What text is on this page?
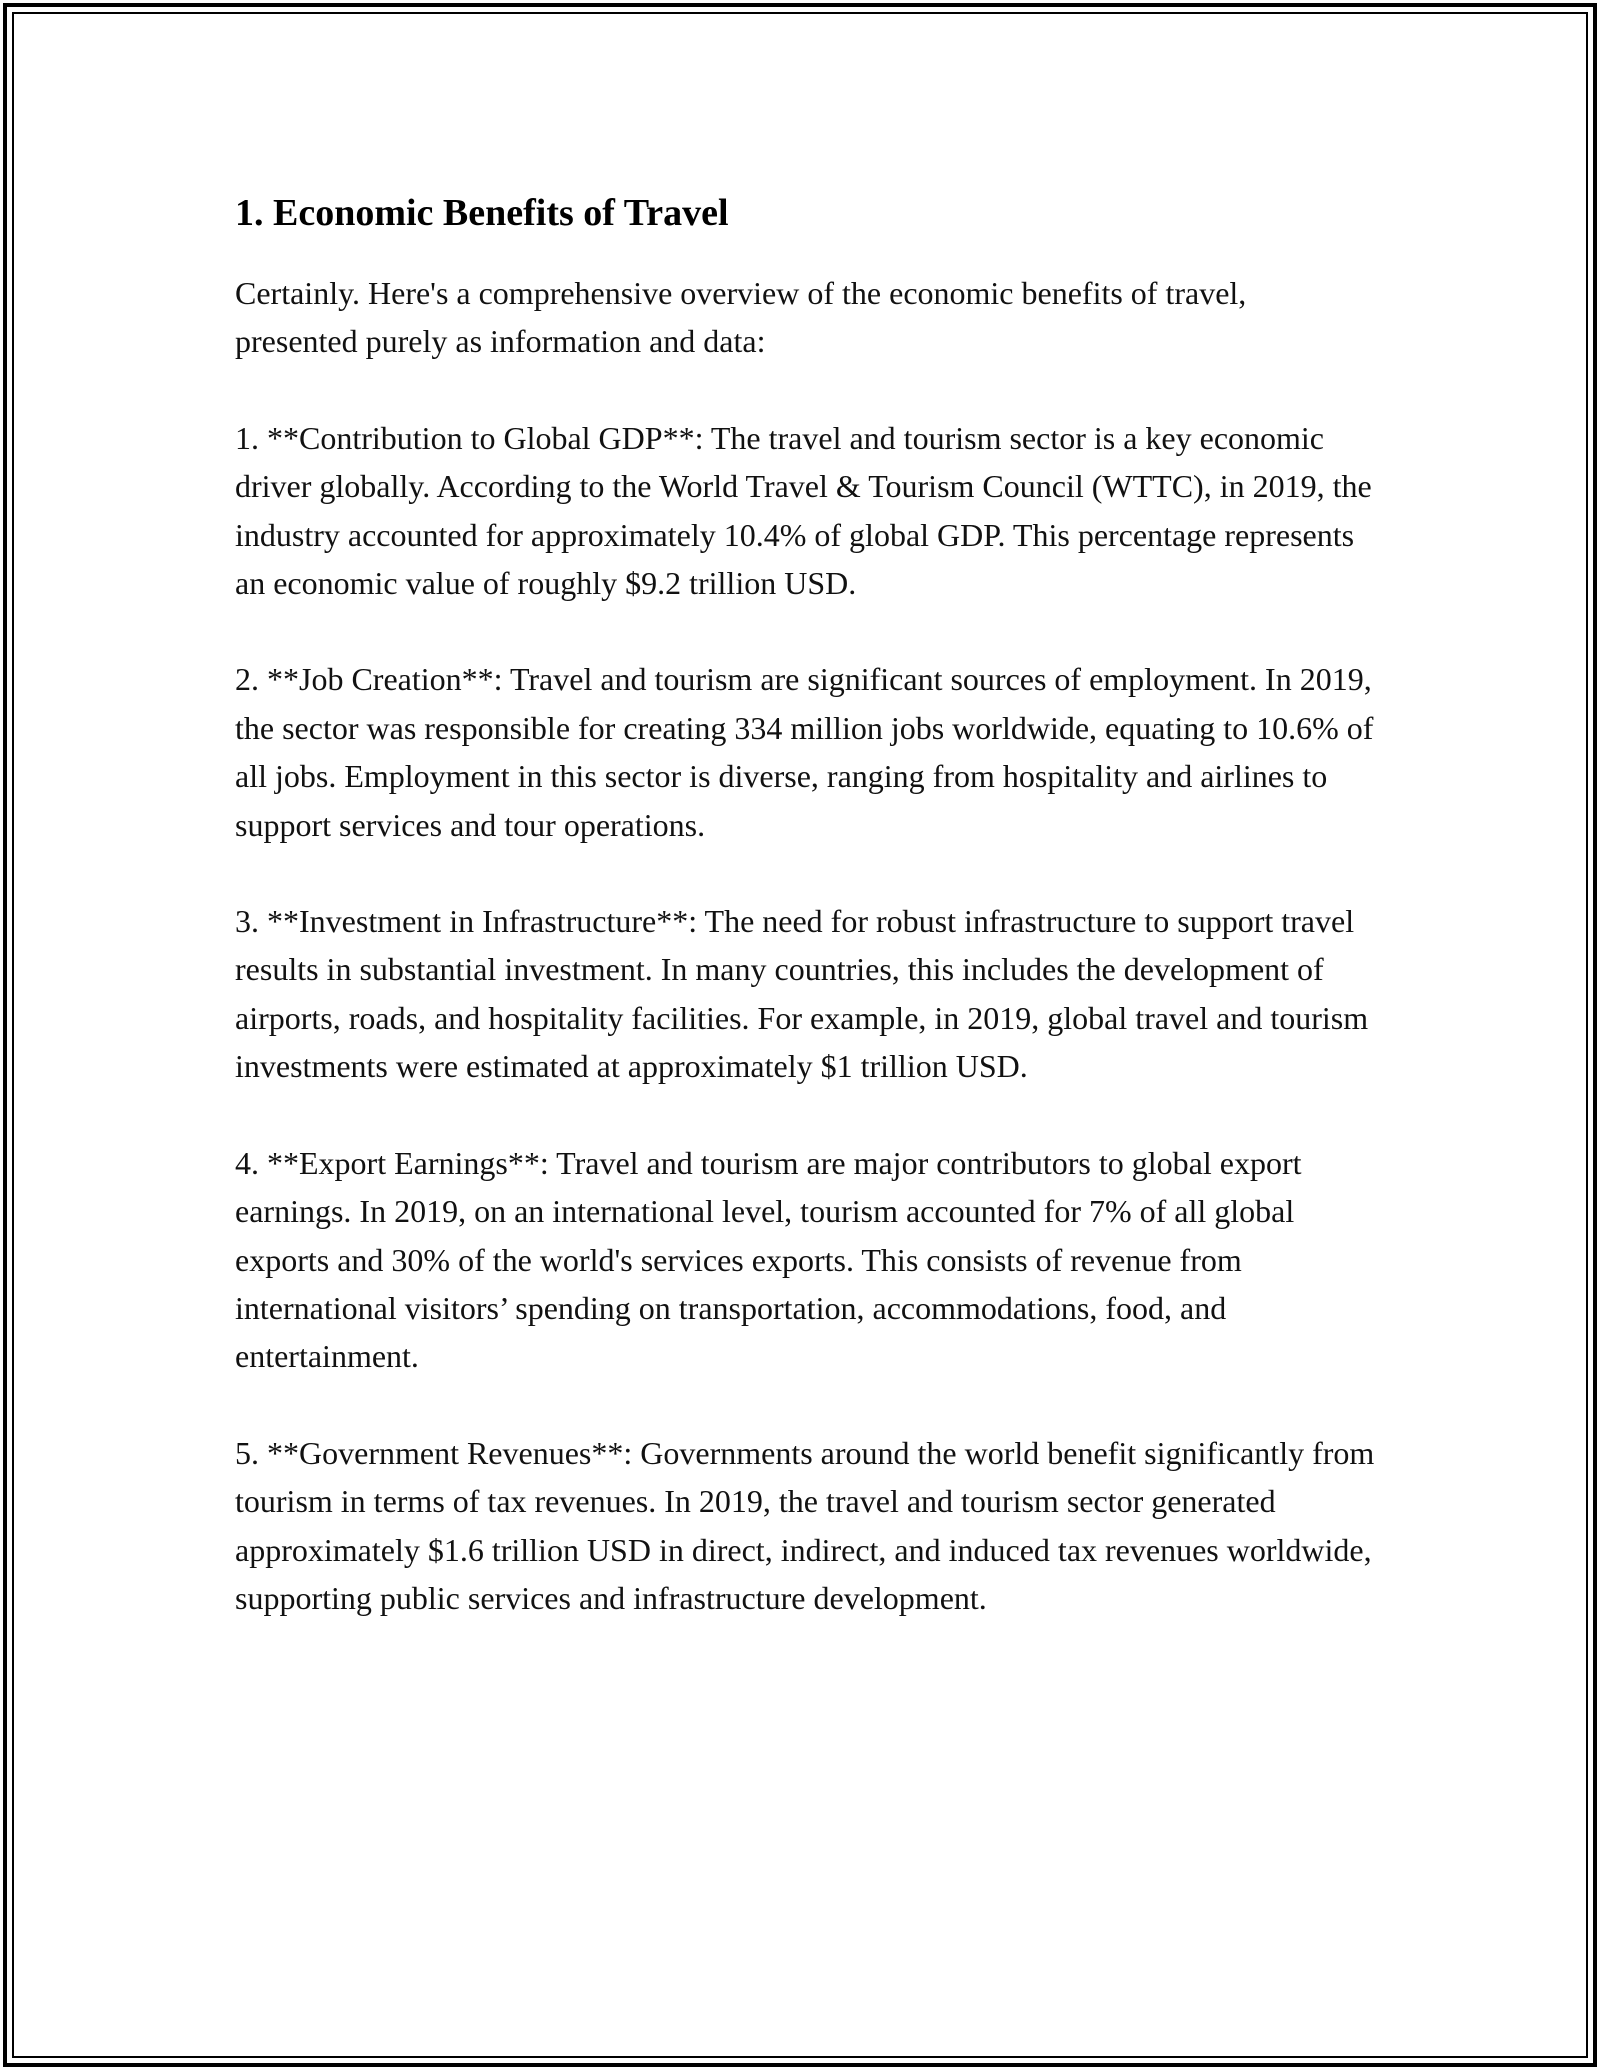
1. Economic Benefits of Travel

Certainly. Here's a comprehensive overview of the economic benefits of travel, presented purely as information and data:

1. **Contribution to Global GDP**: The travel and tourism sector is a key economic driver globally. According to the World Travel & Tourism Council (WTTC), in 2019, the industry accounted for approximately 10.4% of global GDP. This percentage represents an economic value of roughly $9.2 trillion USD.

2. **Job Creation**: Travel and tourism are significant sources of employment. In 2019, the sector was responsible for creating 334 million jobs worldwide, equating to 10.6% of all jobs. Employment in this sector is diverse, ranging from hospitality and airlines to support services and tour operations.

3. **Investment in Infrastructure**: The need for robust infrastructure to support travel results in substantial investment. In many countries, this includes the development of airports, roads, and hospitality facilities. For example, in 2019, global travel and tourism investments were estimated at approximately $1 trillion USD.

4. **Export Earnings**: Travel and tourism are major contributors to global export earnings. In 2019, on an international level, tourism accounted for 7% of all global exports and 30% of the world's services exports. This consists of revenue from international visitors’ spending on transportation, accommodations, food, and entertainment.

5. **Government Revenues**: Governments around the world benefit significantly from tourism in terms of tax revenues. In 2019, the travel and tourism sector generated approximately $1.6 trillion USD in direct, indirect, and induced tax revenues worldwide, supporting public services and infrastructure development.
